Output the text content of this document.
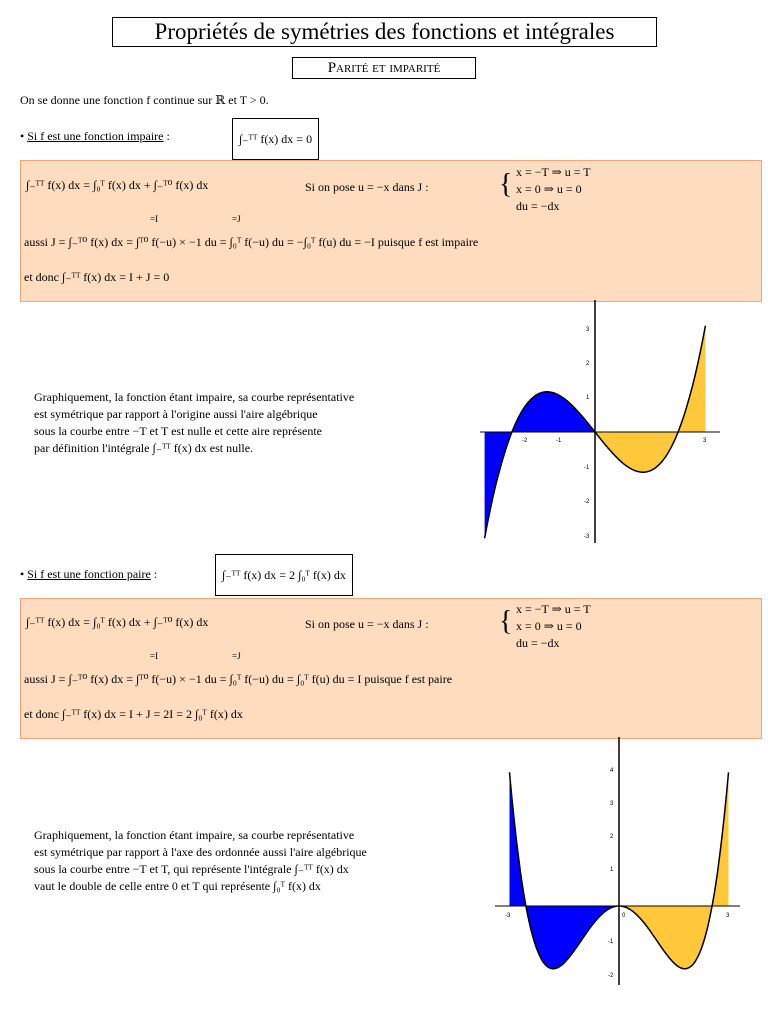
Propriétés de symétries des fonctions et intégrales
Parité et imparité
On se donne une fonction f continue sur ℝ et T > 0.
• Si f est une fonction impaire :	∫₋ᵀᵀ f(x) dx = 0
∫₋ᵀᵀ f(x) dx = ∫₀ᵀ f(x) dx + ∫₋ᵀ⁰ f(x) dx
=I	=J
Si on pose u = −x dans J :	{ x = −T ⇒ u = T
x = 0 ⇒ u = 0
du = −dx
aussi J = ∫₋ᵀ⁰ f(x) dx = ∫ᵀ⁰ f(−u) × −1 du = ∫₀ᵀ f(−u) du = −∫₀ᵀ f(u) du = −I puisque f est impaire
et donc ∫₋ᵀᵀ f(x) dx = I + J = 0
Graphiquement, la fonction étant impaire, sa courbe représentative
est symétrique par rapport à l'origine aussi l'aire algébrique
sous la courbe entre −T et T est nulle et cette aire représente
par définition l'intégrale ∫₋ᵀᵀ f(x) dx est nulle.	-2	-1	3
3
2
1
-1
-2
-3
• Si f est une fonction paire :	∫₋ᵀᵀ f(x) dx = 2 ∫₀ᵀ f(x) dx
∫₋ᵀᵀ f(x) dx = ∫₀ᵀ f(x) dx + ∫₋ᵀ⁰ f(x) dx
=I	=J
Si on pose u = −x dans J :	{ x = −T ⇒ u = T
x = 0 ⇒ u = 0
du = −dx
aussi J = ∫₋ᵀ⁰ f(x) dx = ∫ᵀ⁰ f(−u) × −1 du = ∫₀ᵀ f(−u) du = ∫₀ᵀ f(u) du = I puisque f est paire
et donc ∫₋ᵀᵀ f(x) dx = I + J = 2I = 2 ∫₀ᵀ f(x) dx
Graphiquement, la fonction étant impaire, sa courbe représentative
est symétrique par rapport à l'axe des ordonnée aussi l'aire algébrique
sous la courbe entre −T et T, qui représente l'intégrale ∫₋ᵀᵀ f(x) dx
vaut le double de celle entre 0 et T qui représente ∫₀ᵀ f(x) dx
-3	0	3
4
3
2
1
-1
-2
